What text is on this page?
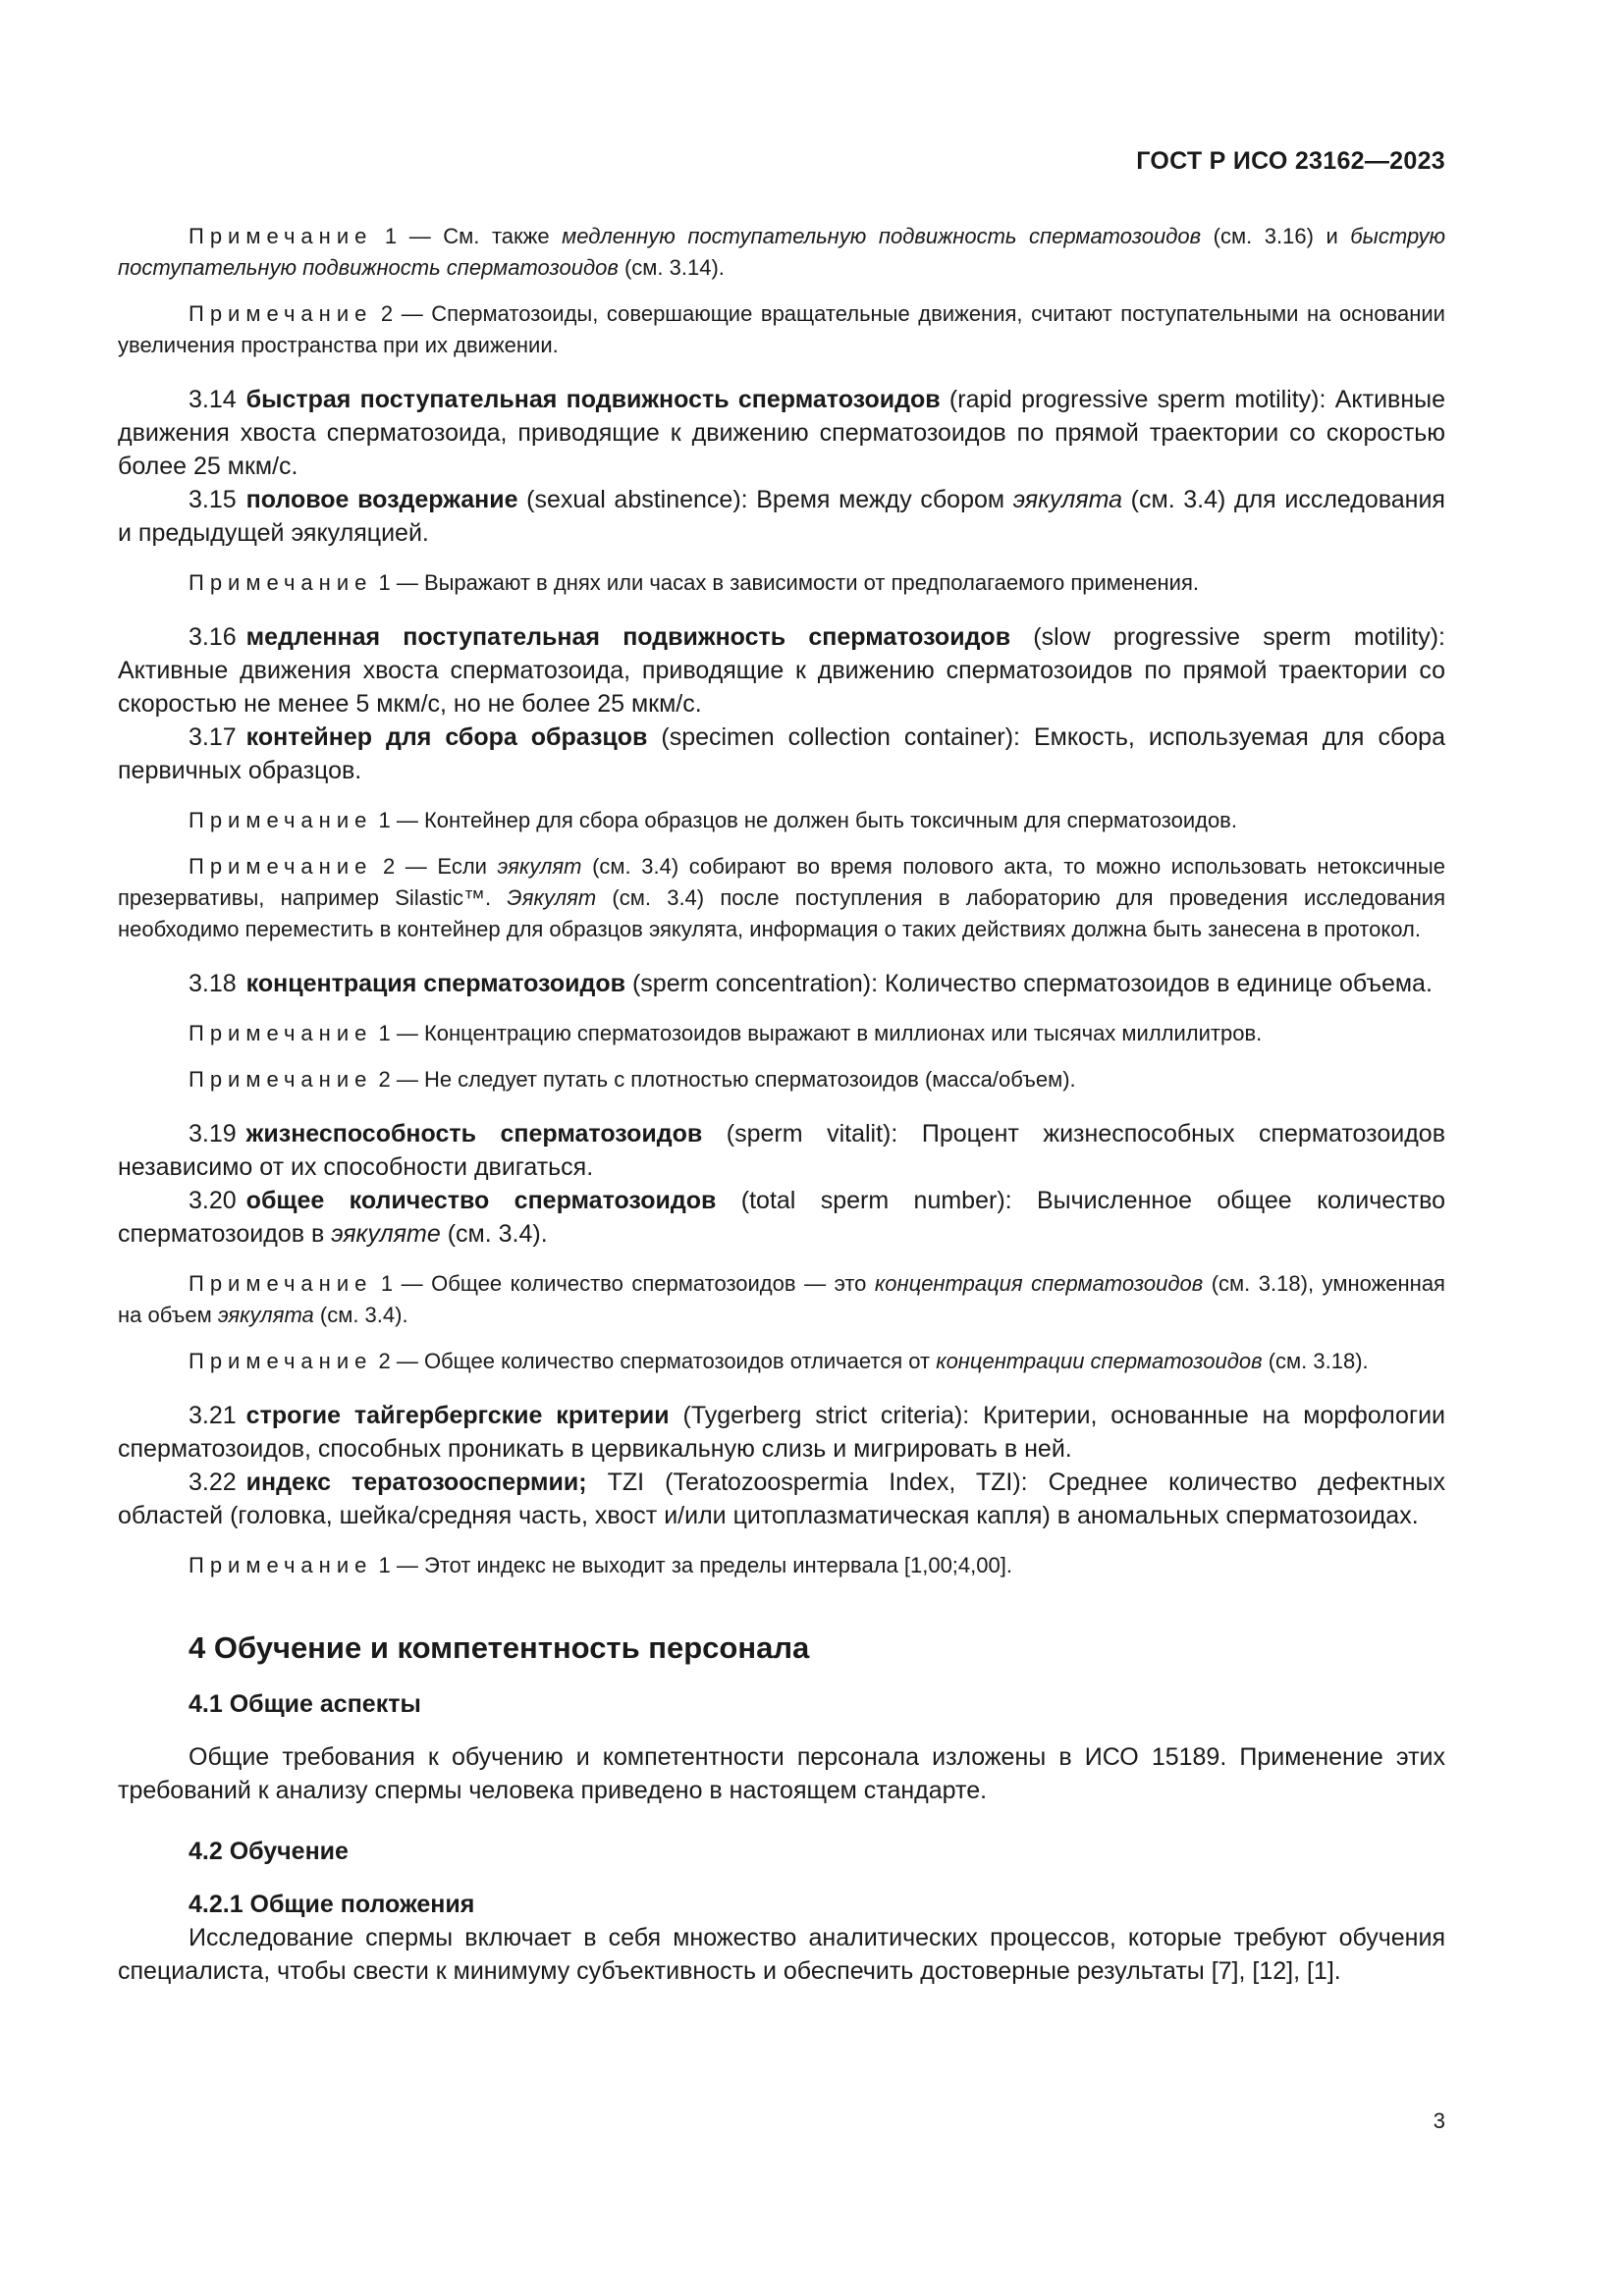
ГОСТ Р ИСО 23162—2023

Примечание 1 — См. также медленную поступательную подвижность сперматозоидов (см. 3.16) и быструю поступательную подвижность сперматозоидов (см. 3.14).

Примечание 2 — Сперматозоиды, совершающие вращательные движения, считают поступательными на основании увеличения пространства при их движении.

3.14 быстрая поступательная подвижность сперматозоидов (rapid progressive sperm motility): Активные движения хвоста сперматозоида, приводящие к движению сперматозоидов по прямой траектории со скоростью более 25 мкм/с.

3.15 половое воздержание (sexual abstinence): Время между сбором эякулята (см. 3.4) для исследования и предыдущей эякуляцией.

Примечание 1 — Выражают в днях или часах в зависимости от предполагаемого применения.

3.16 медленная поступательная подвижность сперматозоидов (slow progressive sperm motility): Активные движения хвоста сперматозоида, приводящие к движению сперматозоидов по прямой траектории со скоростью не менее 5 мкм/с, но не более 25 мкм/с.

3.17 контейнер для сбора образцов (specimen collection container): Емкость, используемая для сбора первичных образцов.

Примечание 1 — Контейнер для сбора образцов не должен быть токсичным для сперматозоидов.

Примечание 2 — Если эякулят (см. 3.4) собирают во время полового акта, то можно использовать нетоксичные презервативы, например Silastic™. Эякулят (см. 3.4) после поступления в лабораторию для проведения исследования необходимо переместить в контейнер для образцов эякулята, информация о таких действиях должна быть занесена в протокол.

3.18 концентрация сперматозоидов (sperm concentration): Количество сперматозоидов в единице объема.

Примечание 1 — Концентрацию сперматозоидов выражают в миллионах или тысячах миллилитров.

Примечание 2 — Не следует путать с плотностью сперматозоидов (масса/объем).

3.19 жизнеспособность сперматозоидов (sperm vitalit): Процент жизнеспособных сперматозоидов независимо от их способности двигаться.

3.20 общее количество сперматозоидов (total sperm number): Вычисленное общее количество сперматозоидов в эякуляте (см. 3.4).

Примечание 1 — Общее количество сперматозоидов — это концентрация сперматозоидов (см. 3.18), умноженная на объем эякулята (см. 3.4).

Примечание 2 — Общее количество сперматозоидов отличается от концентрации сперматозоидов (см. 3.18).

3.21 строгие тайгербергские критерии (Tygerberg strict criteria): Критерии, основанные на морфологии сперматозоидов, способных проникать в цервикальную слизь и мигрировать в ней.

3.22 индекс тератозооспермии; TZI (Teratozoospermia Index, TZI): Среднее количество дефектных областей (головка, шейка/средняя часть, хвост и/или цитоплазматическая капля) в аномальных сперматозоидах.

Примечание 1 — Этот индекс не выходит за пределы интервала [1,00;4,00].

4 Обучение и компетентность персонала
4.1 Общие аспекты

Общие требования к обучению и компетентности персонала изложены в ИСО 15189. Применение этих требований к анализу спермы человека приведено в настоящем стандарте.

4.2 Обучение
4.2.1 Общие положения

Исследование спермы включает в себя множество аналитических процессов, которые требуют обучения специалиста, чтобы свести к минимуму субъективность и обеспечить достоверные результаты [7], [12], [1].

3
